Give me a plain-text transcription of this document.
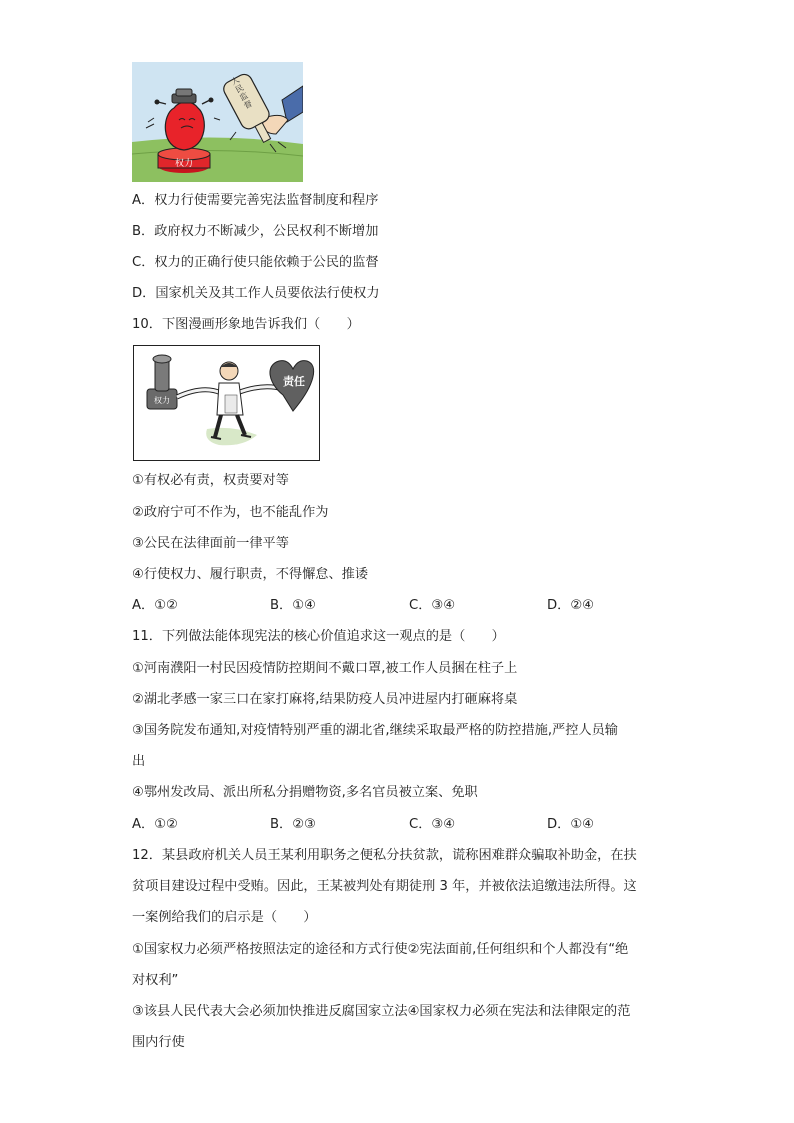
权力
人民监督
A．权力行使需要完善宪法监督制度和程序
B．政府权力不断减少，公民权利不断增加
C．权力的正确行使只能依赖于公民的监督
D．国家机关及其工作人员要依法行使权力
10．下图漫画形象地告诉我们（　　）
权力
责任
①有权必有责，权责要对等
②政府宁可不作为，也不能乱作为
③公民在法律面前一律平等
④行使权力、履行职责，不得懈怠、推诿
A．①②	B．①④	C．③④	D．②④
11．下列做法能体现宪法的核心价值追求这一观点的是（　　）
①河南濮阳一村民因疫情防控期间不戴口罩,被工作人员捆在柱子上
②湖北孝感一家三口在家打麻将,结果防疫人员冲进屋内打砸麻将桌
③国务院发布通知,对疫情特别严重的湖北省,继续采取最严格的防控措施,严控人员输
出
④鄂州发改局、派出所私分捐赠物资,多名官员被立案、免职
A．①②	B．②③	C．③④	D．①④
12．某县政府机关人员王某利用职务之便私分扶贫款，谎称困难群众骗取补助金，在扶
贫项目建设过程中受贿。因此，王某被判处有期徒刑 3 年，并被依法追缴违法所得。这
一案例给我们的启示是（　　）
①国家权力必须严格按照法定的途径和方式行使②宪法面前,任何组织和个人都没有“绝
对权利”
③该县人民代表大会必须加快推进反腐国家立法④国家权力必须在宪法和法律限定的范
围内行使
